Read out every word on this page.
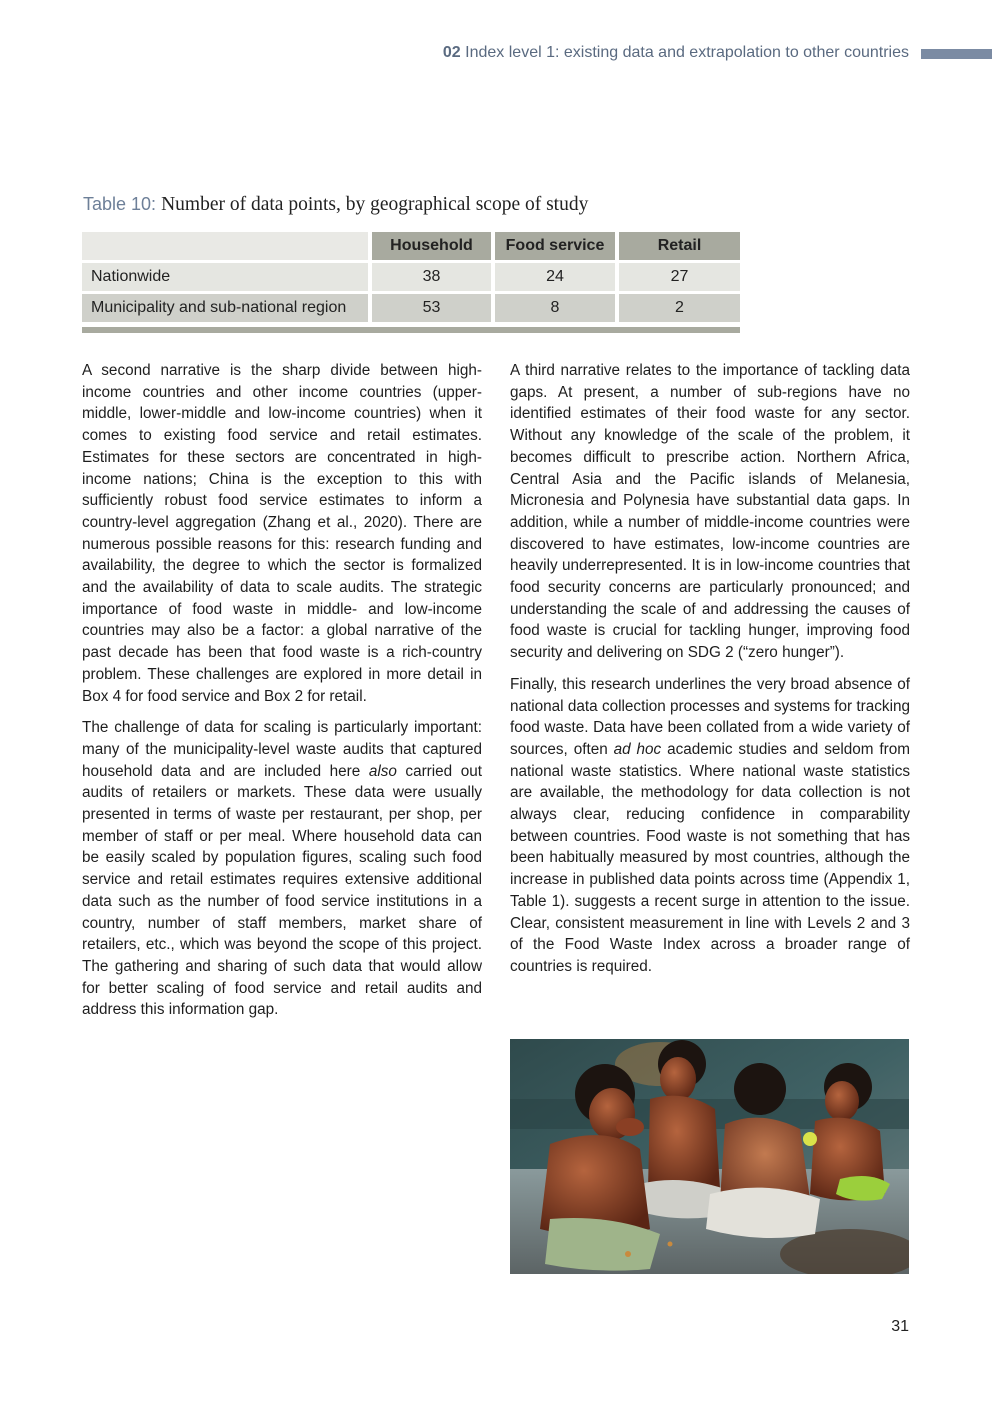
02 Index level 1: existing data and extrapolation to other countries
Table 10: Number of data points, by geographical scope of study
	Household	Food service	Retail
Nationwide	38	24	27
Municipality and sub-national region	53	8	2

A second narrative is the sharp divide between high-income countries and other income countries (upper-middle, lower-middle and low-income countries) when it comes to existing food service and retail estimates. Estimates for these sectors are concentrated in high-income nations; China is the exception to this with sufficiently robust food service estimates to inform a country-level aggregation (Zhang et al., 2020). There are numerous possible reasons for this: research funding and availability, the degree to which the sector is formalized and the availability of data to scale audits. The strategic importance of food waste in middle- and low-income countries may also be a factor: a global narrative of the past decade has been that food waste is a rich-country problem. These challenges are explored in more detail in Box 4 for food service and Box 2 for retail.

The challenge of data for scaling is particularly important: many of the municipality-level waste audits that captured household data and are included here also carried out audits of retailers or markets. These data were usually presented in terms of waste per restaurant, per shop, per member of staff or per meal. Where household data can be easily scaled by population figures, scaling such food service and retail estimates requires extensive additional data such as the number of food service institutions in a country, number of staff members, market share of retailers, etc., which was beyond the scope of this project. The gathering and sharing of such data that would allow for better scaling of food service and retail audits and address this information gap.

A third narrative relates to the importance of tackling data gaps. At present, a number of sub-regions have no identified estimates of their food waste for any sector. Without any knowledge of the scale of the problem, it becomes difficult to prescribe action. Northern Africa, Central Asia and the Pacific islands of Melanesia, Micronesia and Polynesia have substantial data gaps. In addition, while a number of middle-income countries were discovered to have estimates, low-income countries are heavily underrepresented. It is in low-income countries that food security concerns are particularly pronounced; and understanding the scale of and addressing the causes of food waste is crucial for tackling hunger, improving food security and delivering on SDG 2 (“zero hunger”).

Finally, this research underlines the very broad absence of national data collection processes and systems for tracking food waste. Data have been collated from a wide variety of sources, often ad hoc academic studies and seldom from national waste statistics. Where national waste statistics are available, the methodology for data collection is not always clear, reducing confidence in comparability between countries. Food waste is not something that has been habitually measured by most countries, although the increase in published data points across time (Appendix 1, Table 1). suggests a recent surge in attention to the issue. Clear, consistent measurement in line with Levels 2 and 3 of the Food Waste Index across a broader range of countries is required.

31
